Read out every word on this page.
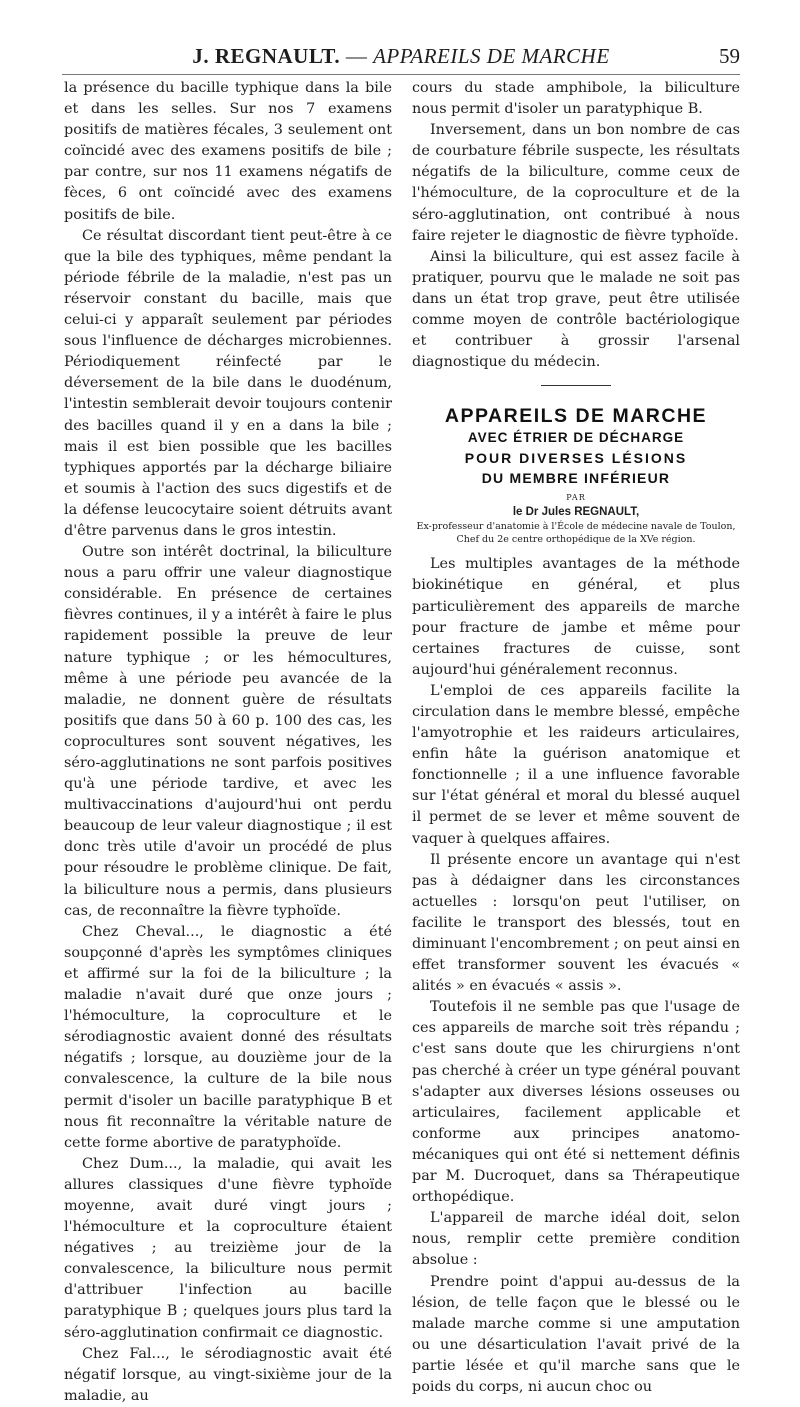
J. REGNAULT. — APPAREILS DE MARCHE	59

la présence du bacille typhique dans la bile et dans les selles. Sur nos 7 examens positifs de matières fécales, 3 seulement ont coïncidé avec des examens positifs de bile ; par contre, sur nos 11 examens négatifs de fèces, 6 ont coïncidé avec des examens positifs de bile.

Ce résultat discordant tient peut-être à ce que la bile des typhiques, même pendant la période fébrile de la maladie, n'est pas un réservoir constant du bacille, mais que celui-ci y apparaît seulement par périodes sous l'influence de décharges microbiennes. Périodiquement réinfecté par le déversement de la bile dans le duodénum, l'intestin semblerait devoir toujours contenir des bacilles quand il y en a dans la bile ; mais il est bien possible que les bacilles typhiques apportés par la décharge biliaire et soumis à l'action des sucs digestifs et de la défense leucocytaire soient détruits avant d'être parvenus dans le gros intestin.

Outre son intérêt doctrinal, la biliculture nous a paru offrir une valeur diagnostique considérable. En présence de certaines fièvres continues, il y a intérêt à faire le plus rapidement possible la preuve de leur nature typhique ; or les hémocultures, même à une période peu avancée de la maladie, ne donnent guère de résultats positifs que dans 50 à 60 p. 100 des cas, les coprocultures sont souvent négatives, les séro-agglutinations ne sont parfois positives qu'à une période tardive, et avec les multivaccinations d'aujourd'hui ont perdu beaucoup de leur valeur diagnostique ; il est donc très utile d'avoir un procédé de plus pour résoudre le problème clinique. De fait, la biliculture nous a permis, dans plusieurs cas, de reconnaître la fièvre typhoïde.

Chez Cheval..., le diagnostic a été soupçonné d'après les symptômes cliniques et affirmé sur la foi de la biliculture ; la maladie n'avait duré que onze jours ; l'hémoculture, la coproculture et le sérodiagnostic avaient donné des résultats négatifs ; lorsque, au douzième jour de la convalescence, la culture de la bile nous permit d'isoler un bacille paratyphique B et nous fit reconnaître la véritable nature de cette forme abortive de paratyphoïde.

Chez Dum..., la maladie, qui avait les allures classiques d'une fièvre typhoïde moyenne, avait duré vingt jours ; l'hémoculture et la coproculture étaient négatives ; au treizième jour de la convalescence, la biliculture nous permit d'attribuer l'infection au bacille paratyphique B ; quelques jours plus tard la séro-agglutination confirmait ce diagnostic.

Chez Fal..., le sérodiagnostic avait été négatif lorsque, au vingt-sixième jour de la maladie, au

cours du stade amphibole, la biliculture nous permit d'isoler un paratyphique B.

Inversement, dans un bon nombre de cas de courbature fébrile suspecte, les résultats négatifs de la biliculture, comme ceux de l'hémoculture, de la coproculture et de la séro-agglutination, ont contribué à nous faire rejeter le diagnostic de fièvre typhoïde.

Ainsi la biliculture, qui est assez facile à pratiquer, pourvu que le malade ne soit pas dans un état trop grave, peut être utilisée comme moyen de contrôle bactériologique et contribuer à grossir l'arsenal diagnostique du médecin.

APPAREILS DE MARCHE
AVEC ÉTRIER DE DÉCHARGE
POUR DIVERSES LÉSIONS
DU MEMBRE INFÉRIEUR
PAR
le Dr Jules REGNAULT,
Ex-professeur d'anatomie à l'École de médecine navale de Toulon,
Chef du 2e centre orthopédique de la XVe région.

Les multiples avantages de la méthode biokinétique en général, et plus particulièrement des appareils de marche pour fracture de jambe et même pour certaines fractures de cuisse, sont aujourd'hui généralement reconnus.

L'emploi de ces appareils facilite la circulation dans le membre blessé, empêche l'amyotrophie et les raideurs articulaires, enfin hâte la guérison anatomique et fonctionnelle ; il a une influence favorable sur l'état général et moral du blessé auquel il permet de se lever et même souvent de vaquer à quelques affaires.

Il présente encore un avantage qui n'est pas à dédaigner dans les circonstances actuelles : lorsqu'on peut l'utiliser, on facilite le transport des blessés, tout en diminuant l'encombrement ; on peut ainsi en effet transformer souvent les évacués « alités » en évacués « assis ».

Toutefois il ne semble pas que l'usage de ces appareils de marche soit très répandu ; c'est sans doute que les chirurgiens n'ont pas cherché à créer un type général pouvant s'adapter aux diverses lésions osseuses ou articulaires, facilement applicable et conforme aux principes anatomo-mécaniques qui ont été si nettement définis par M. Ducroquet, dans sa Thérapeutique orthopédique.

L'appareil de marche idéal doit, selon nous, remplir cette première condition absolue :

Prendre point d'appui au-dessus de la lésion, de telle façon que le blessé ou le malade marche comme si une amputation ou une désarticulation l'avait privé de la partie lésée et qu'il marche sans que le poids du corps, ni aucun choc ou
